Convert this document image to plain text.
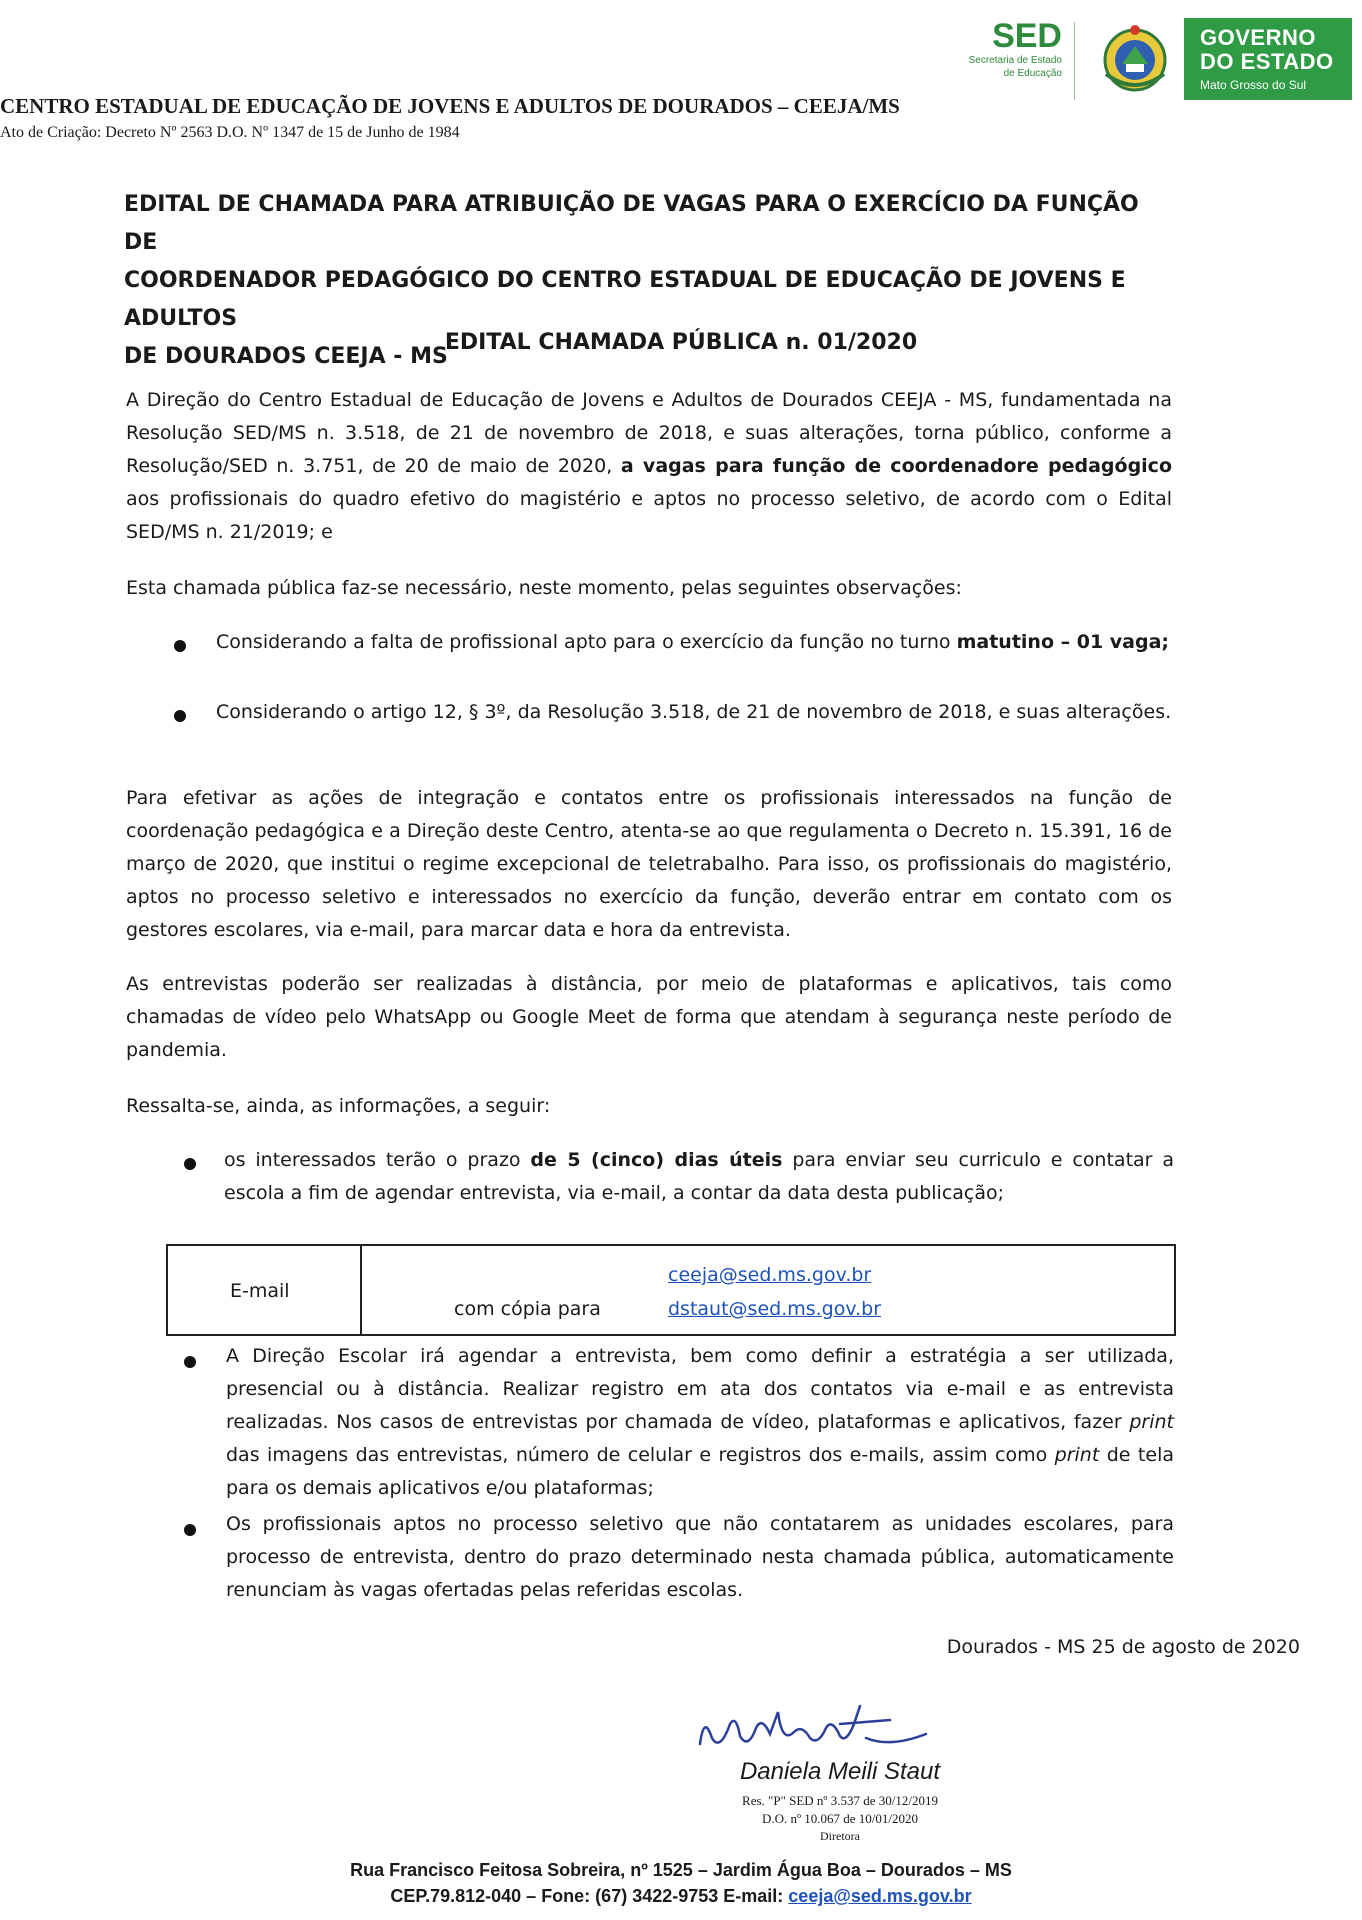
SED
Secretaria de Estado
de Educação
GOVERNO
DO ESTADO
Mato Grosso do Sul
CENTRO ESTADUAL DE EDUCAÇÃO DE JOVENS E ADULTOS DE DOURADOS – CEEJA/MS
Ato de Criação: Decreto Nº 2563 D.O. Nº 1347 de 15 de Junho de 1984
EDITAL DE CHAMADA PARA ATRIBUIÇÃO DE VAGAS PARA O EXERCÍCIO DA FUNÇÃO DE
COORDENADOR PEDAGÓGICO DO CENTRO ESTADUAL DE EDUCAÇÃO DE JOVENS E ADULTOS
DE DOURADOS CEEJA - MS
EDITAL CHAMADA PÚBLICA n. 01/2020
A Direção do Centro Estadual de Educação de Jovens e Adultos de Dourados CEEJA - MS, fundamentada na Resolução SED/MS n. 3.518, de 21 de novembro de 2018, e suas alterações, torna público, conforme a Resolução/SED n. 3.751, de 20 de maio de 2020, a vagas para função de coordenadore pedagógico aos profissionais do quadro efetivo do magistério e aptos no processo seletivo, de acordo com o Edital SED/MS n. 21/2019; e
Esta chamada pública faz-se necessário, neste momento, pelas seguintes observações:
Considerando a falta de profissional apto para o exercício da função no turno matutino – 01 vaga;
Considerando o artigo 12, § 3º, da Resolução 3.518, de 21 de novembro de 2018, e suas alterações.
Para efetivar as ações de integração e contatos entre os profissionais interessados na função de coordenação pedagógica e a Direção deste Centro, atenta-se ao que regulamenta o Decreto n. 15.391, 16 de março de 2020, que institui o regime excepcional de teletrabalho. Para isso, os profissionais do magistério, aptos no processo seletivo e interessados no exercício da função, deverão entrar em contato com os gestores escolares, via e-mail, para marcar data e hora da entrevista.
As entrevistas poderão ser realizadas à distância, por meio de plataformas e aplicativos, tais como chamadas de vídeo pelo WhatsApp ou Google Meet de forma que atendam à segurança neste período de pandemia.
Ressalta-se, ainda, as informações, a seguir:
os interessados terão o prazo de 5 (cinco) dias úteis para enviar seu curriculo e contatar a escola a fim de agendar entrevista, via e-mail, a contar da data desta publicação;
E-mail
com cópia para
ceeja@sed.ms.gov.br
dstaut@sed.ms.gov.br
A Direção Escolar irá agendar a entrevista, bem como definir a estratégia a ser utilizada, presencial ou à distância. Realizar registro em ata dos contatos via e-mail e as entrevista realizadas. Nos casos de entrevistas por chamada de vídeo, plataformas e aplicativos, fazer print das imagens das entrevistas, número de celular e registros dos e-mails, assim como print de tela para os demais aplicativos e/ou plataformas;
Os profissionais aptos no processo seletivo que não contatarem as unidades escolares, para processo de entrevista, dentro do prazo determinado nesta chamada pública, automaticamente renunciam às vagas ofertadas pelas referidas escolas.
Dourados - MS 25 de agosto de 2020
Daniela Meili Staut
Res. "P" SED nº 3.537 de 30/12/2019
D.O. nº 10.067 de 10/01/2020
Diretora
Rua Francisco Feitosa Sobreira, nº 1525 – Jardim Água Boa – Dourados – MS
CEP.79.812-040 – Fone: (67) 3422-9753 E-mail: ceeja@sed.ms.gov.br
